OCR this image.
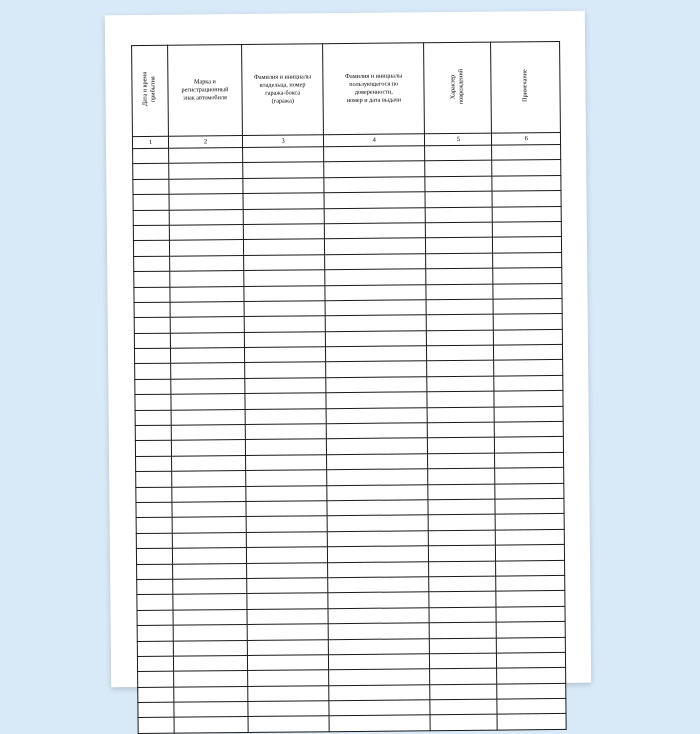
Дата и время
прибытия	Марка и
регистрационный
знак автомобиля	Фамилия и инициалы
владельца, номер
гаража-бокса
(гаража)	Фамилия и инициалы
пользующегося по
доверенности,
номер и дата выдачи	Характер
повреждений	Примечание
1	2	3	4	5	6
